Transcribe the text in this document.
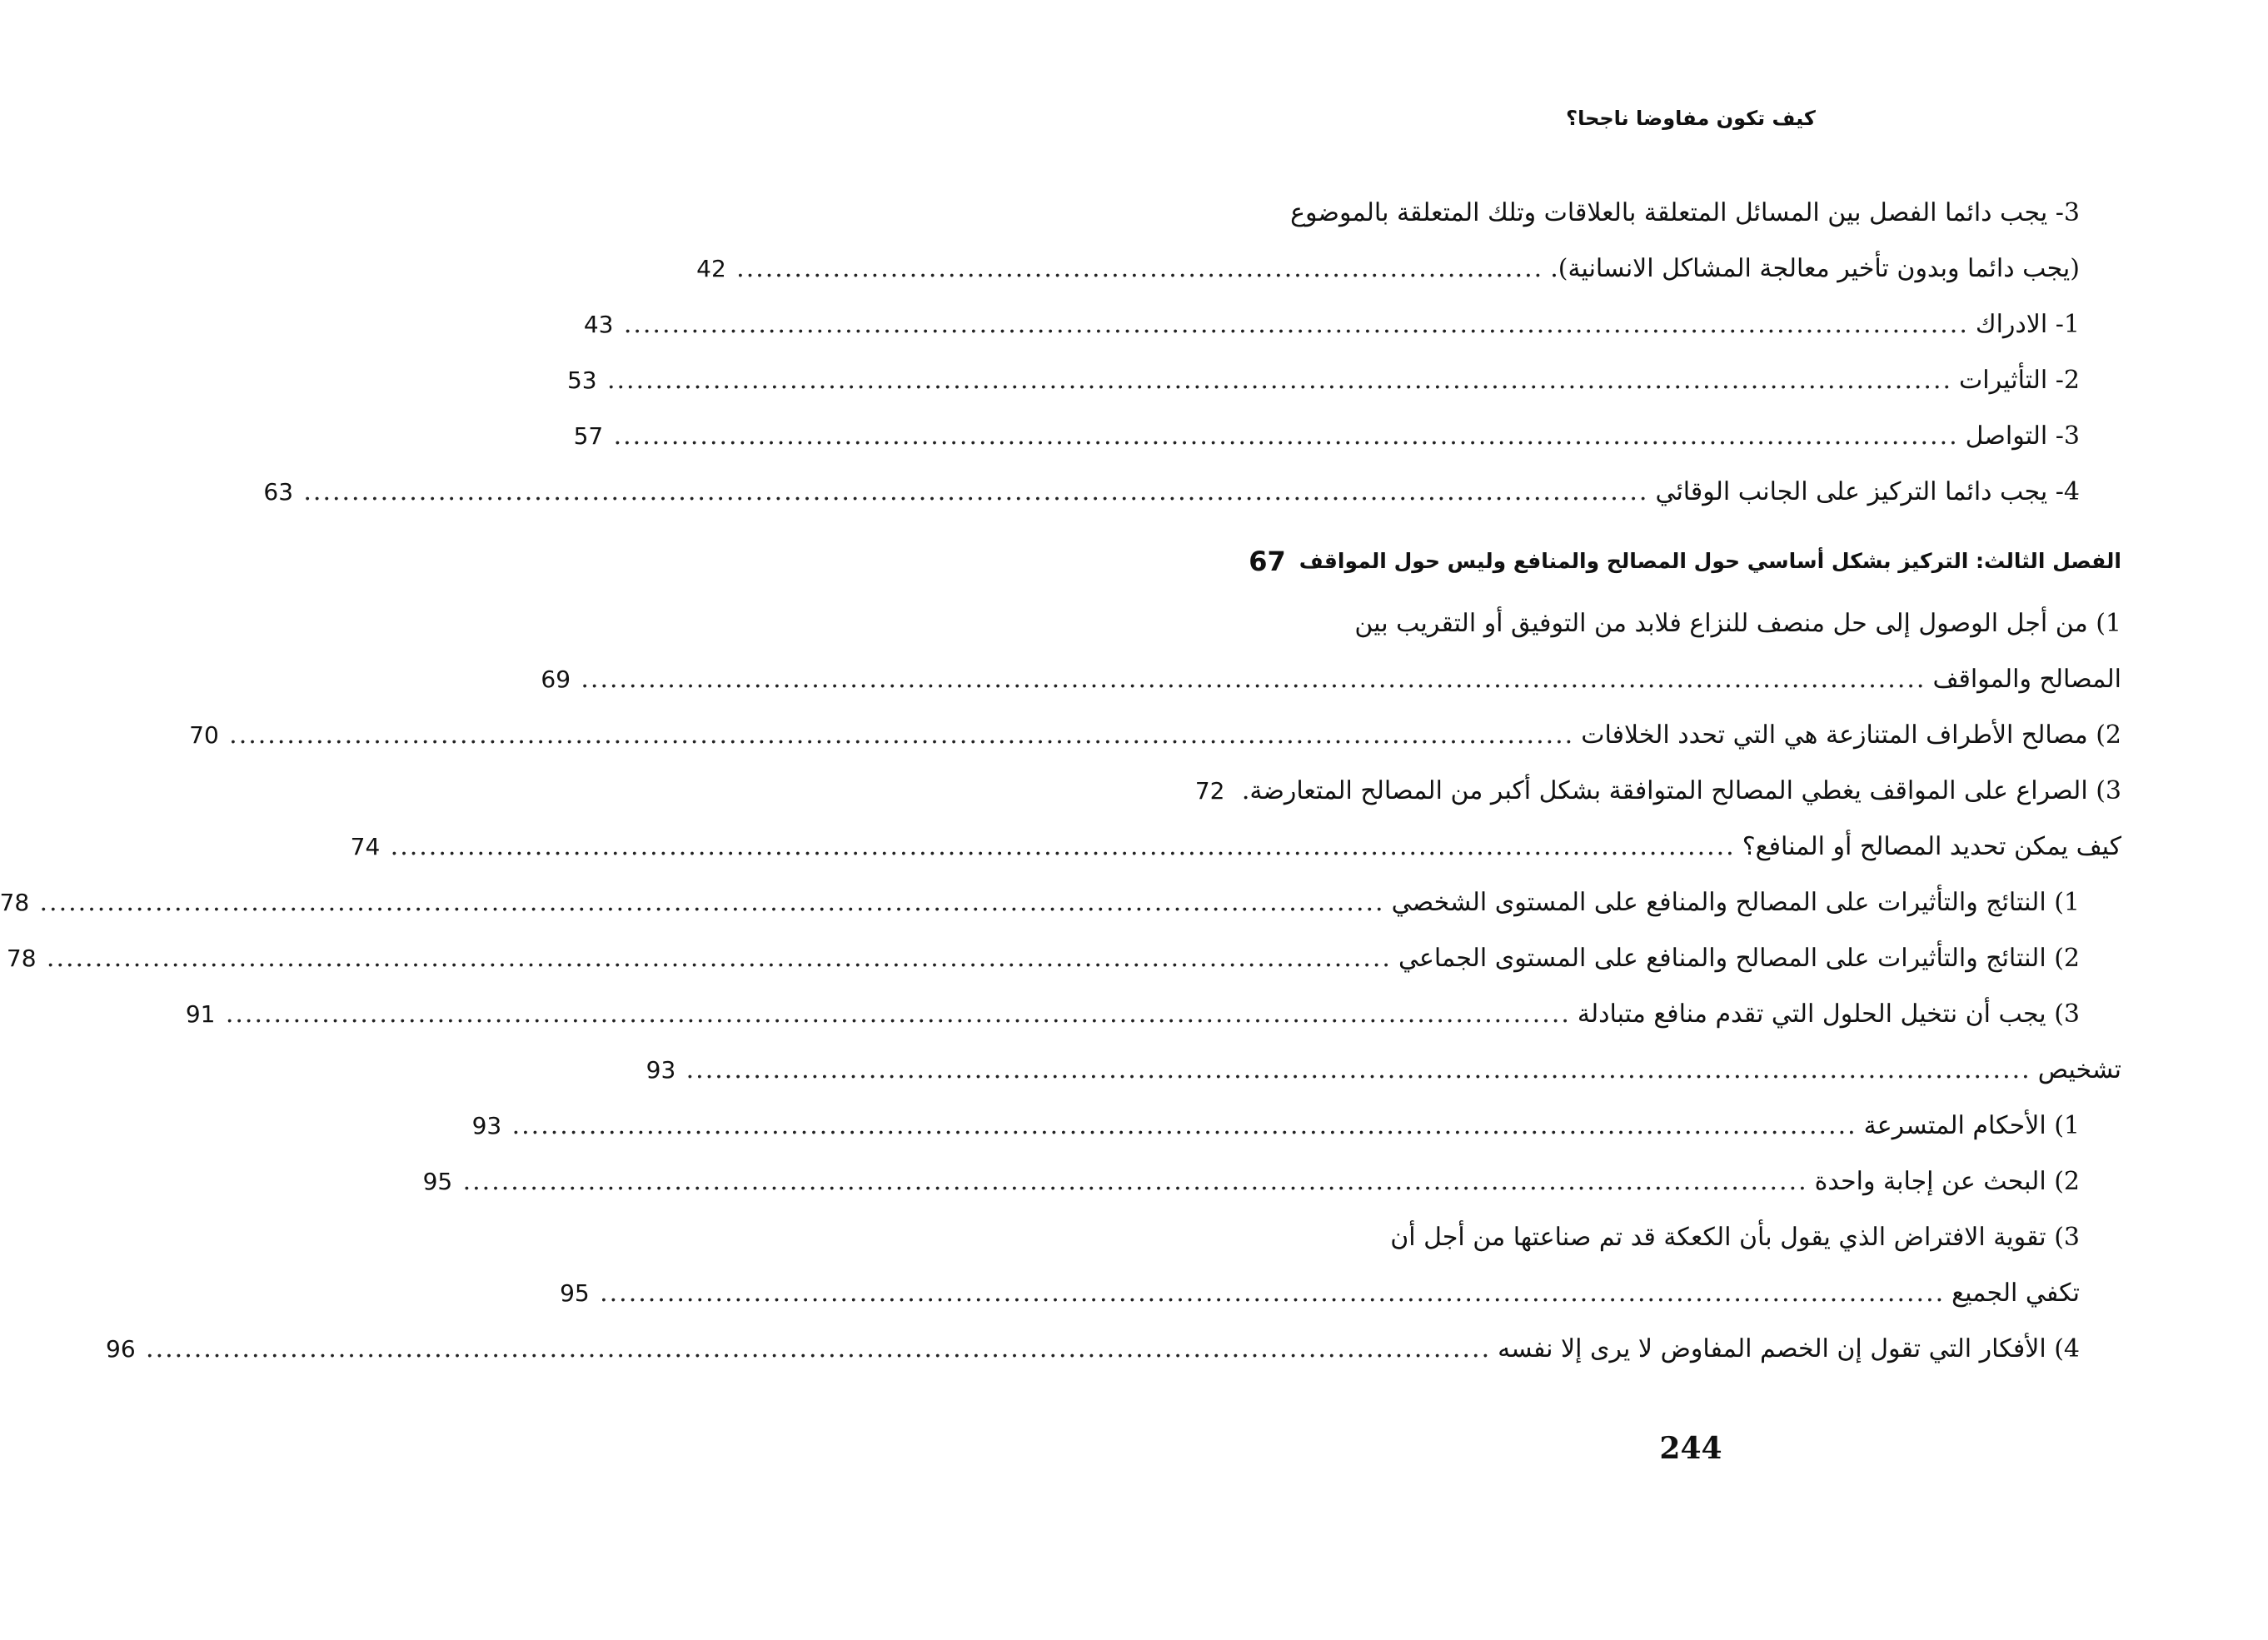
كيف تكون مفاوضا ناجحا؟
3- يجب دائما الفصل بين المسائل المتعلقة بالعلاقات وتلك المتعلقة بالموضوع
(يجب دائما وبدون تأخير معالجة المشاكل الانسانية).
....................................................................................
42
1- الادراك
............................................................................................................................................
43
2- التأثيرات
............................................................................................................................................
53
3- التواصل
............................................................................................................................................
57
4- يجب دائما التركيز على الجانب الوقائي
............................................................................................................................................
63
الفصل الثالث: التركيز بشكل أساسي حول المصالح والمنافع وليس حول المواقف
67
1) من أجل الوصول إلى حل منصف للنزاع فلابد من التوفيق أو التقريب بين
المصالح والمواقف
............................................................................................................................................
69
2) مصالح الأطراف المتنازعة هي التي تحدد الخلافات
............................................................................................................................................
70
3) الصراع على المواقف يغطي المصالح المتوافقة بشكل أكبر من المصالح المتعارضة.
72
كيف يمكن تحديد المصالح أو المنافع؟
............................................................................................................................................
74
1) النتائج والتأثيرات على المصالح والمنافع على المستوى الشخصي
............................................................................................................................................
78
2) النتائج والتأثيرات على المصالح والمنافع على المستوى الجماعي
............................................................................................................................................
78
3) يجب أن نتخيل الحلول التي تقدم منافع متبادلة
............................................................................................................................................
91
تشخيص
............................................................................................................................................
93
1) الأحكام المتسرعة
............................................................................................................................................
93
2) البحث عن إجابة واحدة
............................................................................................................................................
95
3) تقوية الافتراض الذي يقول بأن الكعكة قد تم صناعتها من أجل أن
تكفي الجميع
............................................................................................................................................
95
4) الأفكار التي تقول إن الخصم المفاوض لا يرى إلا نفسه
............................................................................................................................................
96
244
